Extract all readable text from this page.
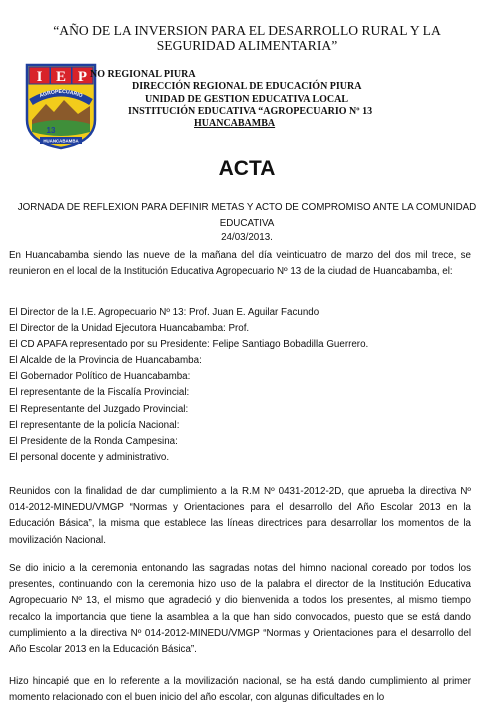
“AÑO DE LA INVERSION PARA EL DESARROLLO RURAL Y LA SEGURIDAD ALIMENTARIA”
I E P
AGROPECUARIO
13
HUANCABAMBA
NO REGIONAL PIURA
DIRECCIÓN REGIONAL DE EDUCACIÓN PIURA
UNIDAD DE GESTION EDUCATIVA LOCAL
INSTITUCIÓN EDUCATIVA “AGROPECUARIO Nº 13
HUANCABAMBA
ACTA
JORNADA DE REFLEXION PARA DEFINIR METAS Y ACTO DE COMPROMISO ANTE LA COMUNIDAD EDUCATIVA
24/03/2013.
En Huancabamba siendo las nueve de la mañana del día veinticuatro de marzo del dos mil trece, se reunieron en el local de la Institución Educativa Agropecuario Nº 13 de la ciudad de Huancabamba, el:
El Director de la I.E. Agropecuario Nº 13: Prof. Juan E. Aguilar Facundo
El Director de la Unidad Ejecutora Huancabamba: Prof.
El CD APAFA representado por su Presidente: Felipe Santiago Bobadilla Guerrero.
El Alcalde de la Provincia de Huancabamba:
El Gobernador Político de Huancabamba:
El representante de la Fiscalía Provincial:
El Representante del Juzgado Provincial:
El representante de la policía Nacional:
El Presidente de la Ronda Campesina:
El personal docente y administrativo.
Reunidos con la finalidad de dar cumplimiento a la R.M Nº 0431-2012-2D, que aprueba la directiva Nº 014-2012-MINEDU/VMGP “Normas y Orientaciones para el desarrollo del Año Escolar 2013 en la Educación Básica”, la misma que establece las líneas directrices para desarrollar los momentos de la movilización Nacional.
Se dio inicio a la ceremonia entonando las sagradas notas del himno nacional coreado por todos los presentes, continuando con la ceremonia hizo uso de la palabra el director de la Institución Educativa Agropecuario Nº 13, el mismo que agradeció y dio bienvenida a todos los presentes, al mismo tiempo recalco la importancia que tiene la asamblea a la que han sido convocados, puesto que se está dando cumplimiento a la directiva Nº 014-2012-MINEDU/VMGP “Normas y Orientaciones para el desarrollo del Año Escolar 2013 en la Educación Básica”.
Hizo hincapié que en lo referente a la movilización nacional, se ha está dando cumplimiento al primer momento relacionado con el buen inicio del año escolar, con algunas dificultades en lo
